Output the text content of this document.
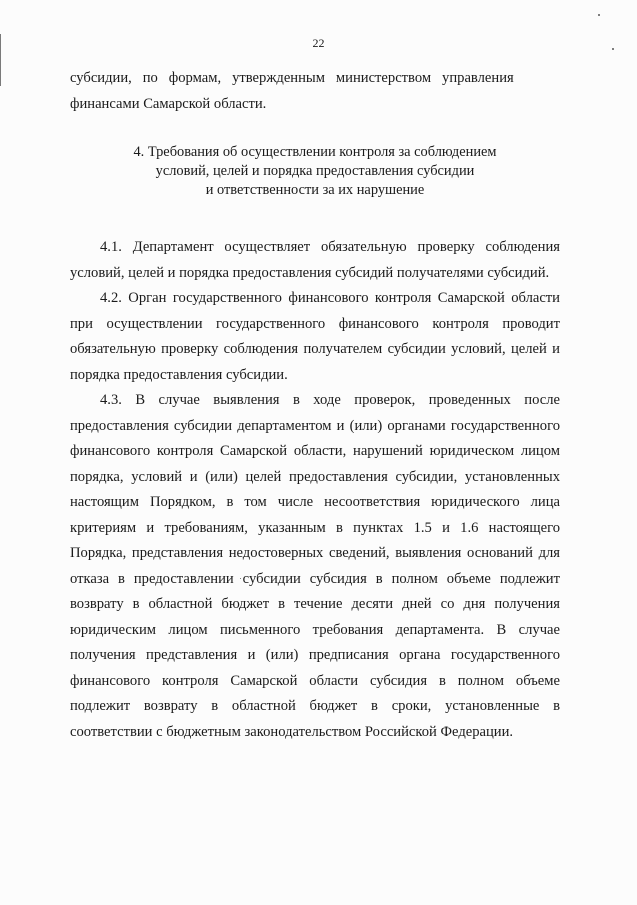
22

субсидии,   по   формам,   утвержденным   министерством   управления

финансами Самарской области.

4. Требования об осуществлении контроля за соблюдением
условий, целей и порядка предоставления субсидии
и ответственности за их нарушение

4.1. Департамент осуществляет обязательную проверку соблюдения условий, целей и порядка предоставления субсидий получателями субсидий.

4.2. Орган государственного финансового контроля Самарской области при осуществлении государственного финансового контроля проводит обязательную проверку соблюдения получателем субсидии условий, целей и порядка предоставления субсидии.

4.3. В случае выявления в ходе проверок, проведенных после предоставления субсидии департаментом и (или) органами государственного финансового контроля Самарской области, нарушений юридическом лицом порядка, условий и (или) целей предоставления субсидии, установленных настоящим Порядком, в том числе несоответствия юридического лица критериям и требованиям, указанным в пунктах 1.5 и 1.6 настоящего Порядка, представления недостоверных сведений, выявления оснований для отказа в предоставлении субсидии субсидия в полном объеме подлежит возврату в областной бюджет в течение десяти дней со дня получения юридическим лицом письменного требования департамента. В случае получения представления и (или) предписания органа государственного финансового контроля Самарской области субсидия в полном объеме подлежит возврату в областной бюджет в сроки, установленные в соответствии с бюджетным законодательством Российской Федерации.
